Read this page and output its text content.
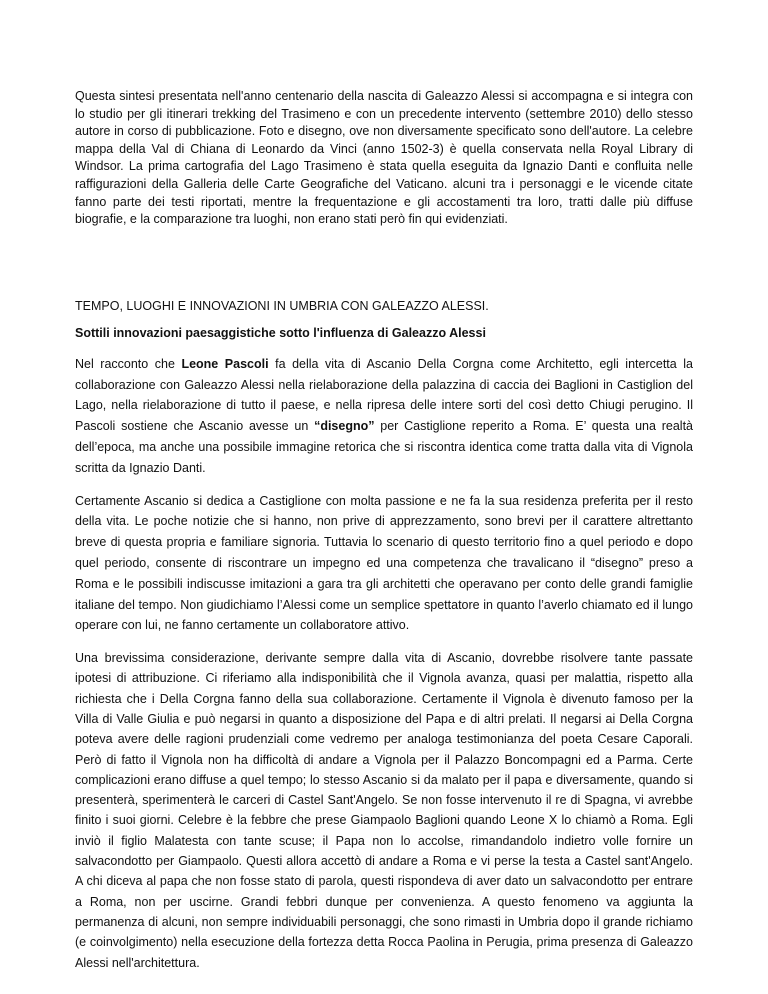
Questa sintesi presentata nell'anno centenario della nascita di Galeazzo Alessi si accompagna e si integra con lo studio per gli itinerari trekking del Trasimeno e con un precedente intervento (settembre 2010) dello stesso autore in corso di pubblicazione. Foto e disegno, ove non diversamente specificato sono dell'autore. La celebre mappa della Val di Chiana di Leonardo da Vinci (anno 1502-3) è quella conservata nella Royal Library di Windsor. La prima cartografia del Lago Trasimeno è stata quella eseguita da Ignazio Danti e confluita nelle raffigurazioni della Galleria delle Carte Geografiche del Vaticano. alcuni tra i personaggi e le vicende citate fanno parte dei testi riportati, mentre la frequentazione e gli accostamenti tra loro, tratti dalle più diffuse biografie, e la comparazione tra luoghi, non erano stati però fin qui evidenziati.

TEMPO, LUOGHI E INNOVAZIONI IN UMBRIA CON GALEAZZO ALESSI.

Sottili innovazioni paesaggistiche sotto l'influenza di Galeazzo Alessi

Nel racconto che Leone Pascoli fa della vita di Ascanio Della Corgna come Architetto, egli intercetta la collaborazione con Galeazzo Alessi nella rielaborazione della palazzina di caccia dei Baglioni in Castiglion del Lago, nella rielaborazione di tutto il paese, e nella ripresa delle intere sorti del così detto Chiugi perugino. Il Pascoli sostiene che Ascanio avesse un “disegno” per Castiglione reperito a Roma. E’ questa una realtà dell’epoca, ma anche una possibile immagine retorica che si riscontra identica come tratta dalla vita di Vignola scritta da Ignazio Danti.

Certamente Ascanio si dedica a Castiglione con molta passione e ne fa la sua residenza preferita per il resto della vita. Le poche notizie che si hanno, non prive di apprezzamento, sono brevi per il carattere altrettanto breve di questa propria e familiare signoria. Tuttavia lo scenario di questo territorio fino a quel periodo e dopo quel periodo, consente di riscontrare un impegno ed una competenza che travalicano il “disegno” preso a Roma e le possibili indiscusse imitazioni a gara tra gli architetti che operavano per conto delle grandi famiglie italiane del tempo. Non giudichiamo l’Alessi come un semplice spettatore in quanto l’averlo chiamato ed il lungo operare con lui, ne fanno certamente un collaboratore attivo.

Una brevissima considerazione, derivante sempre dalla vita di Ascanio, dovrebbe risolvere tante passate ipotesi di attribuzione. Ci riferiamo alla indisponibilità che il Vignola avanza, quasi per malattia, rispetto alla richiesta che i Della Corgna fanno della sua collaborazione. Certamente il Vignola è divenuto famoso per la Villa di Valle Giulia e può negarsi in quanto a disposizione del Papa e di altri prelati. Il negarsi ai Della Corgna poteva avere delle ragioni prudenziali come vedremo per analoga testimonianza del poeta Cesare Caporali. Però di fatto il Vignola non ha difficoltà di andare a Vignola per il Palazzo Boncompagni ed a Parma. Certe complicazioni erano diffuse a quel tempo; lo stesso Ascanio si da malato per il papa e diversamente, quando si presenterà, sperimenterà le carceri di Castel Sant'Angelo. Se non fosse intervenuto il re di Spagna, vi avrebbe finito i suoi giorni. Celebre è la febbre che prese Giampaolo Baglioni quando Leone X lo chiamò a Roma. Egli inviò il figlio Malatesta con tante scuse; il Papa non lo accolse, rimandandolo indietro volle fornire un salvacondotto per Giampaolo. Questi allora accettò di andare a Roma e vi perse la testa a Castel sant'Angelo. A chi diceva al papa che non fosse stato di parola, questi rispondeva di aver dato un salvacondotto per entrare a Roma, non per uscirne. Grandi febbri dunque per convenienza. A questo fenomeno va aggiunta la permanenza di alcuni, non sempre individuabili personaggi, che sono rimasti in Umbria dopo il grande richiamo (e coinvolgimento) nella esecuzione della fortezza detta Rocca Paolina in Perugia, prima presenza di Galeazzo Alessi nell'architettura.
